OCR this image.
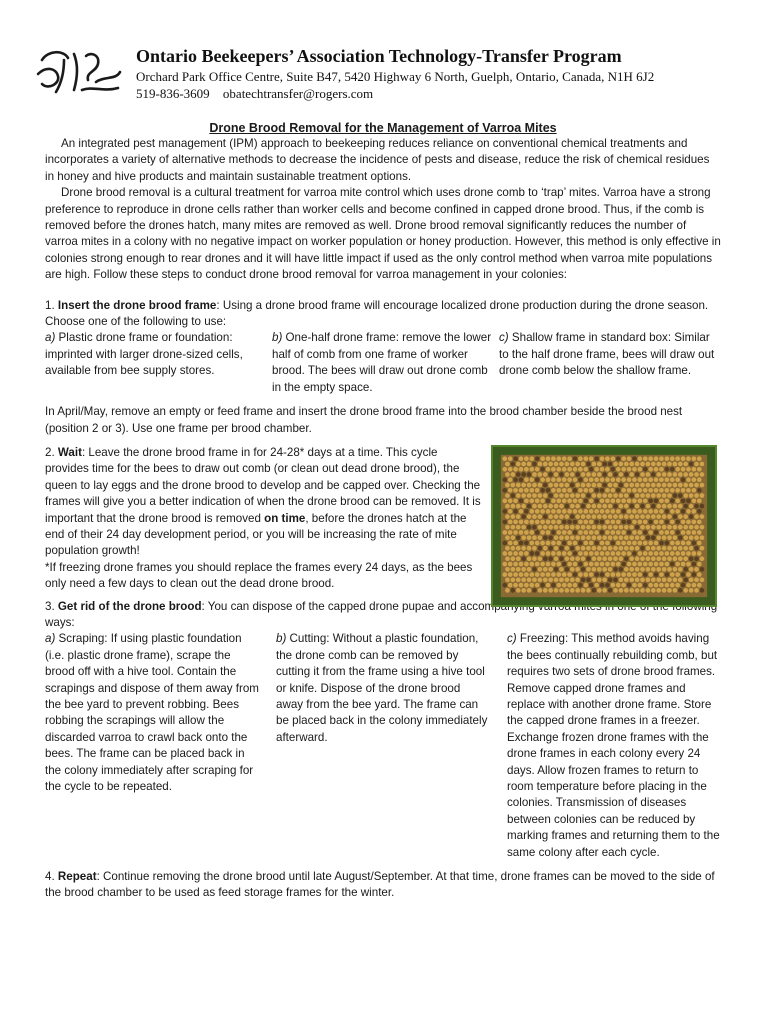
Ontario Beekeepers’ Association Technology-Transfer Program
Orchard Park Office Centre, Suite B47, 5420 Highway 6 North, Guelph, Ontario, Canada, N1H 6J2
519-836-3609 obatechtransfer@rogers.com
Drone Brood Removal for the Management of Varroa Mites

An integrated pest management (IPM) approach to beekeeping reduces reliance on conventional chemical treatments and incorporates a variety of alternative methods to decrease the incidence of pests and disease, reduce the risk of chemical residues in honey and hive products and maintain sustainable treatment options.

Drone brood removal is a cultural treatment for varroa mite control which uses drone comb to ‘trap’ mites. Varroa have a strong preference to reproduce in drone cells rather than worker cells and become confined in capped drone brood. Thus, if the comb is removed before the drones hatch, many mites are removed as well. Drone brood removal significantly reduces the number of varroa mites in a colony with no negative impact on worker population or honey production. However, this method is only effective in colonies strong enough to rear drones and it will have little impact if used as the only control method when varroa mite populations are high. Follow these steps to conduct drone brood removal for varroa management in your colonies:

1. Insert the drone brood frame: Using a drone brood frame will encourage localized drone production during the drone season. Choose one of the following to use:

a) Plastic drone frame or foundation: imprinted with larger drone-sized cells, available from bee supply stores.

b) One-half drone frame: remove the lower half of comb from one frame of worker brood. The bees will draw out drone comb in the empty space.

c) Shallow frame in standard box: Similar to the half drone frame, bees will draw out drone comb below the shallow frame.

In April/May, remove an empty or feed frame and insert the drone brood frame into the brood chamber beside the brood nest (position 2 or 3). Use one frame per brood chamber.

2. Wait: Leave the drone brood frame in for 24-28* days at a time. This cycle provides time for the bees to draw out comb (or clean out dead drone brood), the queen to lay eggs and the drone brood to develop and be capped over. Checking the frames will give you a better indication of when the drone brood can be removed. It is important that the drone brood is removed on time, before the drones hatch at the end of their 24 day development period, or you will be increasing the rate of mite population growth!

*If freezing drone frames you should replace the frames every 24 days, as the bees only need a few days to clean out the dead drone brood.

3. Get rid of the drone brood: You can dispose of the capped drone pupae and accompanying varroa mites in one of the following ways:

a) Scraping: If using plastic foundation (i.e. plastic drone frame), scrape the brood off with a hive tool. Contain the scrapings and dispose of them away from the bee yard to prevent robbing. Bees robbing the scrapings will allow the discarded varroa to crawl back onto the bees. The frame can be placed back in the colony immediately after scraping for the cycle to be repeated.

b) Cutting: Without a plastic foundation, the drone comb can be removed by cutting it from the frame using a hive tool or knife. Dispose of the drone brood away from the bee yard. The frame can be placed back in the colony immediately afterward.

c) Freezing: This method avoids having the bees continually rebuilding comb, but requires two sets of drone brood frames. Remove capped drone frames and replace with another drone frame. Store the capped drone frames in a freezer. Exchange frozen drone frames with the drone frames in each colony every 24 days. Allow frozen frames to return to room temperature before placing in the colonies. Transmission of diseases between colonies can be reduced by marking frames and returning them to the same colony after each cycle.

4. Repeat: Continue removing the drone brood until late August/September. At that time, drone frames can be moved to the side of the brood chamber to be used as feed storage frames for the winter.
